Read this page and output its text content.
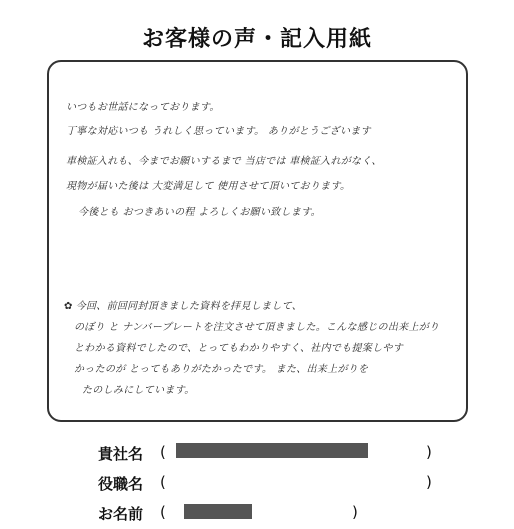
お客様の声・記入用紙
いつもお世話になっております。
丁寧な対応いつも うれしく思っています。 ありがとうございます
車検証入れも、今までお願いするまで 当店では 車検証入れがなく、
現物が届いた後は 大変満足して 使用させて頂いております。
今後とも おつきあいの程 よろしくお願い致します。
✿ 今回、前回同封頂きました資料を拝見しまして、
のぼり と ナンバープレートを注文させて頂きました。こんな感じの出来上がり
とわかる資料でしたので、とってもわかりやすく、社内でも提案しやす
かったのが とってもありがたかったです。 また、出来上がりを
たのしみにしています。
貴社名 (	)
役職名 (	)
お名前 (	)
